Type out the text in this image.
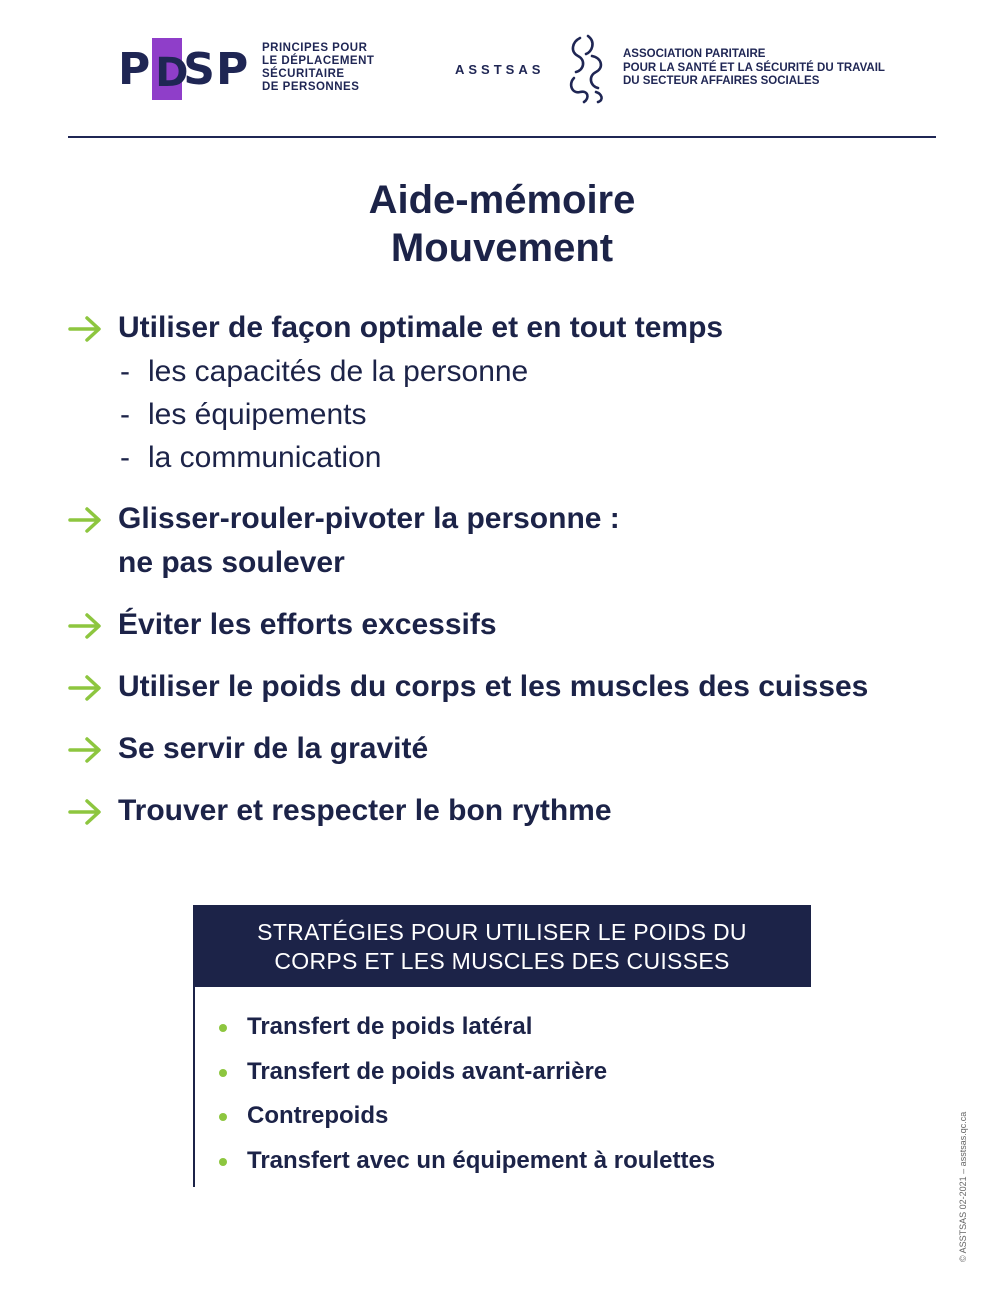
P D
SP PRINCIPES POUR
LE DÉPLACEMENT
SÉCURITAIRE
DE PERSONNES
ASSTSAS
ASSOCIATION PARITAIRE
POUR LA SANTÉ ET LA SÉCURITÉ DU TRAVAIL
DU SECTEUR AFFAIRES SOCIALES
Aide-mémoire
Mouvement
Utiliser de façon optimale et en tout temps
- les capacités de la personne
- les équipements
- la communication
Glisser-rouler-pivoter la personne :
ne pas soulever
Éviter les efforts excessifs
Utiliser le poids du corps et les muscles des cuisses
Se servir de la gravité
Trouver et respecter le bon rythme
STRATÉGIES POUR UTILISER LE POIDS DU
CORPS ET LES MUSCLES DES CUISSES
Transfert de poids latéral
Transfert de poids avant-arrière
Contrepoids
Transfert avec un équipement à roulettes	© ASSTSAS 02-2021 – asstsas.qc.ca
